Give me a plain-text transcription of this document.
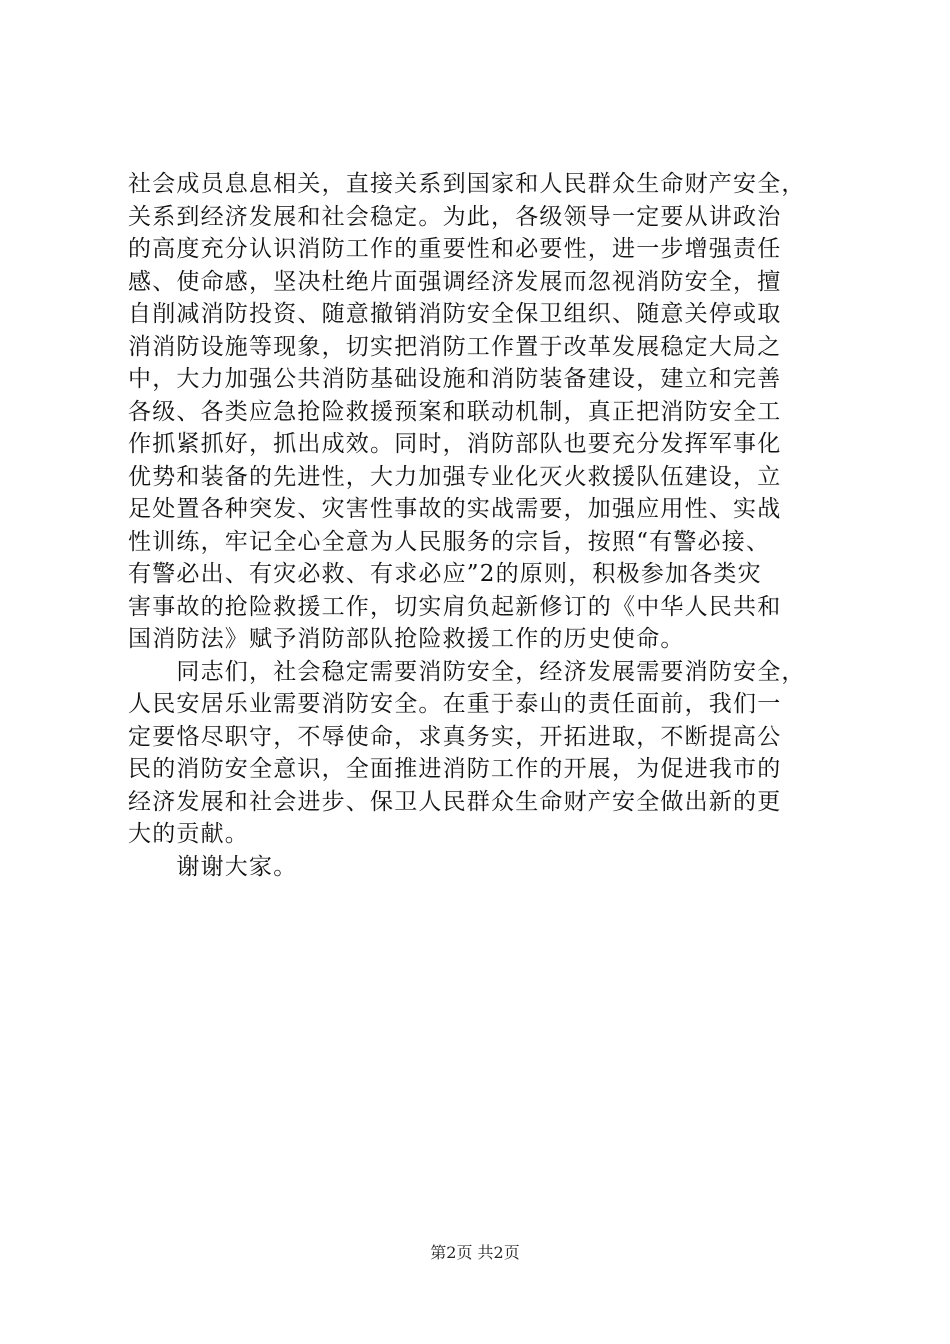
社会成员息息相关，直接关系到国家和人民群众生命财产安全，
关系到经济发展和社会稳定。为此，各级领导一定要从讲政治
的高度充分认识消防工作的重要性和必要性，进一步增强责任
感、使命感，坚决杜绝片面强调经济发展而忽视消防安全，擅
自削减消防投资、随意撤销消防安全保卫组织、随意关停或取
消消防设施等现象，切实把消防工作置于改革发展稳定大局之
中，大力加强公共消防基础设施和消防装备建设，建立和完善
各级、各类应急抢险救援预案和联动机制，真正把消防安全工
作抓紧抓好，抓出成效。同时，消防部队也要充分发挥军事化
优势和装备的先进性，大力加强专业化灭火救援队伍建设，立
足处置各种突发、灾害性事故的实战需要，加强应用性、实战
性训练，牢记全心全意为人民服务的宗旨，按照“有警必接、
有警必出、有灾必救、有求必应”2的原则，积极参加各类灾
害事故的抢险救援工作，切实肩负起新修订的《中华人民共和
国消防法》赋予消防部队抢险救援工作的历史使命。
　　同志们，社会稳定需要消防安全，经济发展需要消防安全，
人民安居乐业需要消防安全。在重于泰山的责任面前，我们一
定要恪尽职守，不辱使命，求真务实，开拓进取，不断提高公
民的消防安全意识，全面推进消防工作的开展，为促进我市的
经济发展和社会进步、保卫人民群众生命财产安全做出新的更
大的贡献。
　　谢谢大家。
第2页 共2页
